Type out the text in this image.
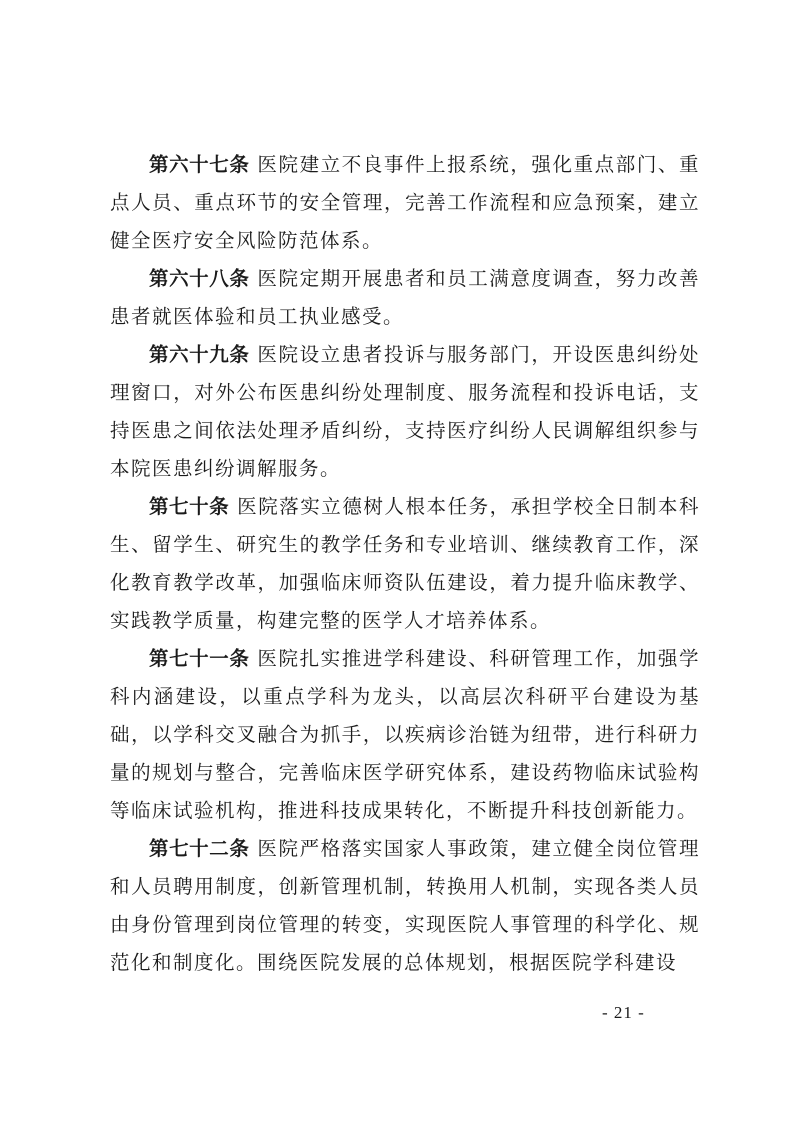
第六十七条 医院建立不良事件上报系统，强化重点部门、重点人员、重点环节的安全管理，完善工作流程和应急预案，建立健全医疗安全风险防范体系。

第六十八条 医院定期开展患者和员工满意度调查，努力改善患者就医体验和员工执业感受。

第六十九条 医院设立患者投诉与服务部门，开设医患纠纷处理窗口，对外公布医患纠纷处理制度、服务流程和投诉电话，支持医患之间依法处理矛盾纠纷，支持医疗纠纷人民调解组织参与本院医患纠纷调解服务。

第七十条 医院落实立德树人根本任务，承担学校全日制本科生、留学生、研究生的教学任务和专业培训、继续教育工作，深化教育教学改革，加强临床师资队伍建设，着力提升临床教学、实践教学质量，构建完整的医学人才培养体系。

第七十一条 医院扎实推进学科建设、科研管理工作，加强学科内涵建设，以重点学科为龙头，以高层次科研平台建设为基础，以学科交叉融合为抓手，以疾病诊治链为纽带，进行科研力量的规划与整合，完善临床医学研究体系，建设药物临床试验构等临床试验机构，推进科技成果转化，不断提升科技创新能力。

第七十二条 医院严格落实国家人事政策，建立健全岗位管理和人员聘用制度，创新管理机制，转换用人机制，实现各类人员由身份管理到岗位管理的转变，实现医院人事管理的科学化、规范化和制度化。围绕医院发展的总体规划，根据医院学科建设

- 21 -
